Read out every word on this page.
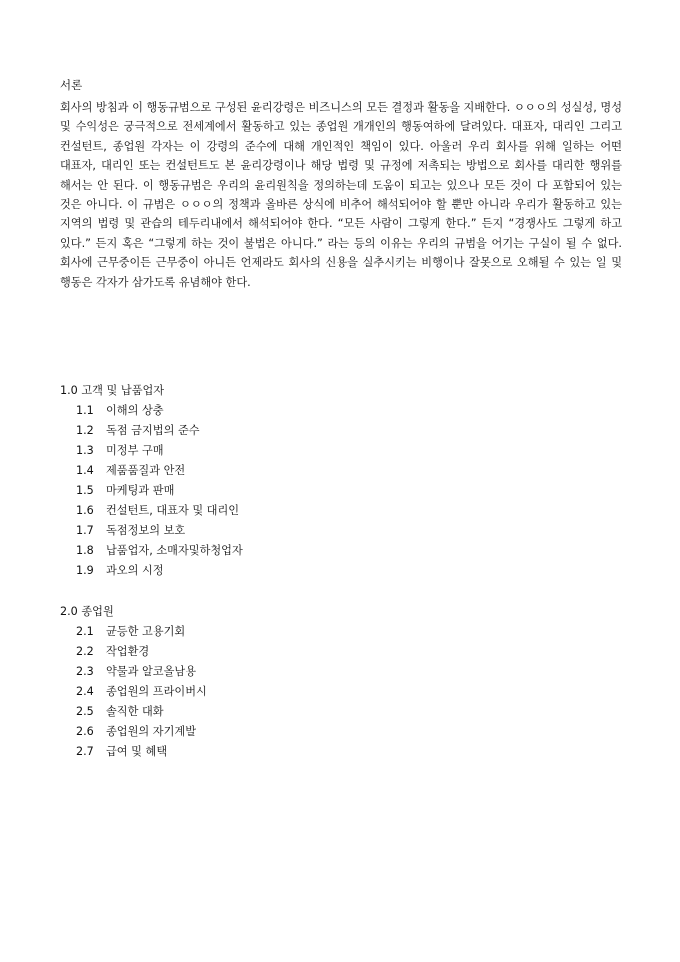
서론

회사의 방침과 이 행동규범으로 구성된 윤리강령은 비즈니스의 모든 결정과 활동을 지배한다. ㅇㅇㅇ의 성실성, 명성 및 수익성은 궁극적으로 전세계에서 활동하고 있는 종업원 개개인의 행동여하에 달려있다. 대표자, 대리인 그리고 컨설턴트, 종업원 각자는 이 강령의 준수에 대해 개인적인 책임이 있다. 아울러 우리 회사를 위해 일하는 어떤 대표자, 대리인 또는 컨설턴트도 본 윤리강령이나 해당 법령 및 규정에 저촉되는 방법으로 회사를 대리한 행위를 해서는 안 된다. 이 행동규범은 우리의 윤리원칙을 정의하는데 도움이 되고는 있으나 모든 것이 다 포함되어 있는 것은 아니다. 이 규범은 ㅇㅇㅇ의 정책과 올바른 상식에 비추어 해석되어야 할 뿐만 아니라 우리가 활동하고 있는 지역의 법령 및 관습의 테두리내에서 해석되어야 한다. “모든 사람이 그렇게 한다.” 든지 “경쟁사도 그렇게 하고 있다.” 든지 혹은 “그렇게 하는 것이 불법은 아니다.” 라는 등의 이유는 우리의 규범을 어기는 구실이 될 수 없다. 회사에 근무중이든 근무중이 아니든 언제라도 회사의 신용을 실추시키는 비행이나 잘못으로 오해될 수 있는 일 및 행동은 각자가 삼가도록 유념해야 한다.

1.0 고객 및 납품업자
1.1	이해의 상충
1.2	독점 금지법의 준수
1.3	미정부 구매
1.4	제품품질과 안전
1.5	마케팅과 판매
1.6	컨설턴트, 대표자 및 대리인
1.7	독점정보의 보호
1.8	납품업자, 소매자및하청업자
1.9	과오의 시정
2.0 종업원
2.1	균등한 고용기회
2.2	작업환경
2.3	약물과 알코올남용
2.4	종업원의 프라이버시
2.5	솔직한 대화
2.6	종업원의 자기계발
2.7	급여 및 혜택
